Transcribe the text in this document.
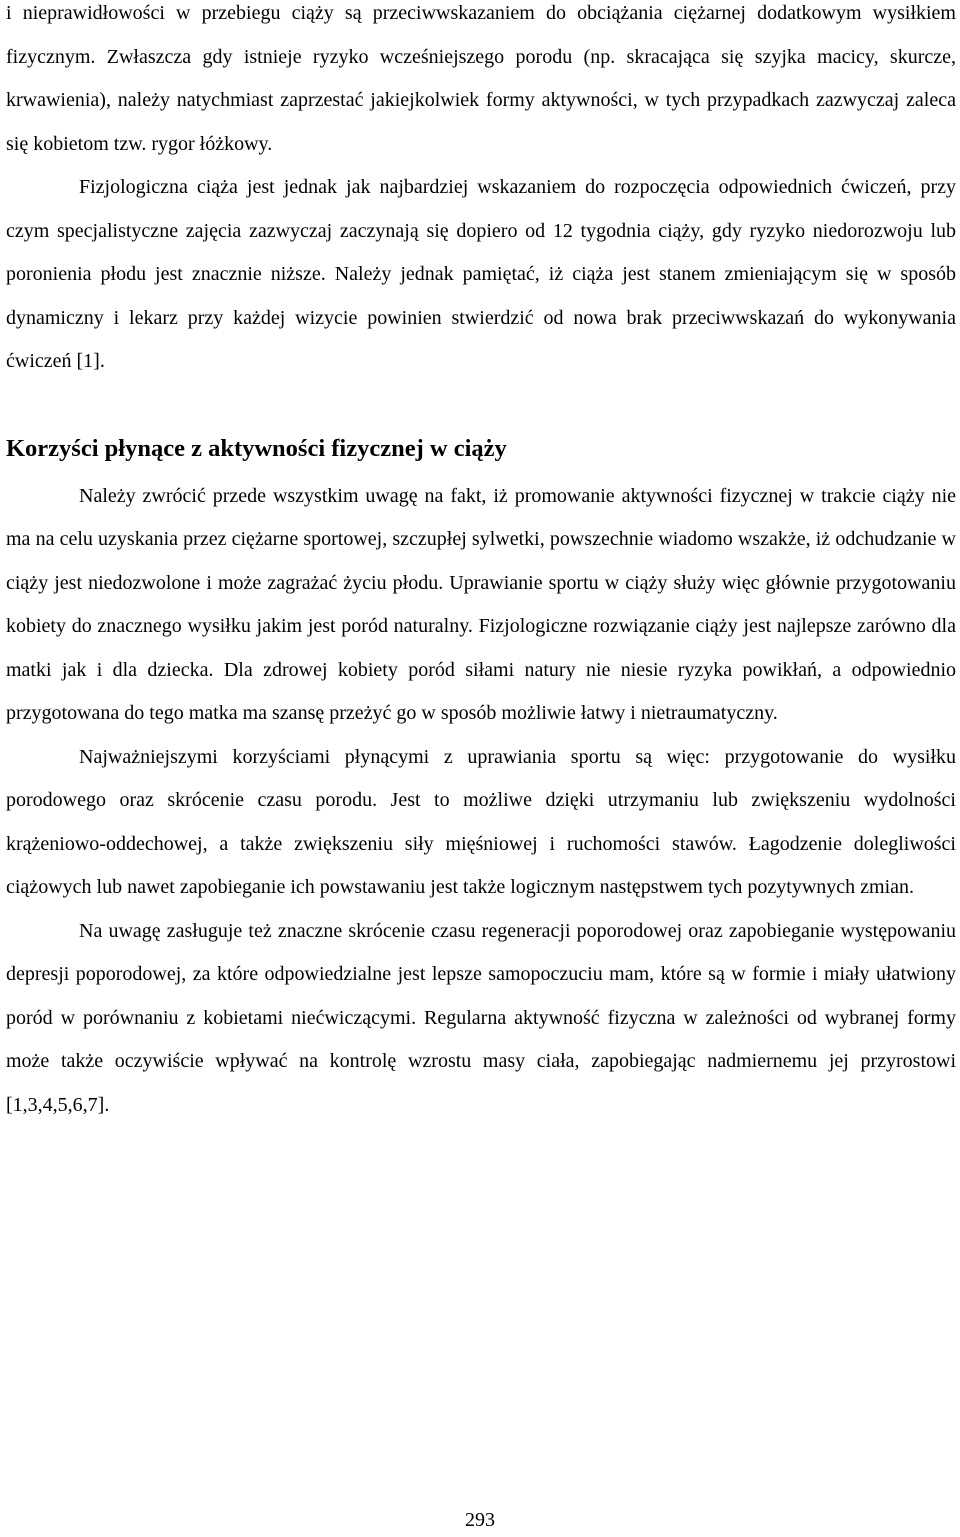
i nieprawidłowości w przebiegu ciąży są przeciwwskazaniem do obciążania ciężarnej dodatkowym wysiłkiem fizycznym. Zwłaszcza gdy istnieje ryzyko wcześniejszego porodu (np. skracająca się szyjka macicy, skurcze, krwawienia), należy natychmiast zaprzestać jakiejkolwiek formy aktywności, w tych przypadkach zazwyczaj zaleca się kobietom tzw. rygor łóżkowy.

Fizjologiczna ciąża jest jednak jak najbardziej wskazaniem do rozpoczęcia odpowiednich ćwiczeń, przy czym specjalistyczne zajęcia zazwyczaj zaczynają się dopiero od 12 tygodnia ciąży, gdy ryzyko niedorozwoju lub poronienia płodu jest znacznie niższe. Należy jednak pamiętać, iż ciąża jest stanem zmieniającym się w sposób dynamiczny i lekarz przy każdej wizycie powinien stwierdzić od nowa brak przeciwwskazań do wykonywania ćwiczeń [1].

Korzyści płynące z aktywności fizycznej w ciąży

Należy zwrócić przede wszystkim uwagę na fakt, iż promowanie aktywności fizycznej w trakcie ciąży nie ma na celu uzyskania przez ciężarne sportowej, szczupłej sylwetki, powszechnie wiadomo wszakże, iż odchudzanie w ciąży jest niedozwolone i może zagrażać życiu płodu. Uprawianie sportu w ciąży służy więc głównie przygotowaniu kobiety do znacznego wysiłku jakim jest poród naturalny. Fizjologiczne rozwiązanie ciąży jest najlepsze zarówno dla matki jak i dla dziecka. Dla zdrowej kobiety poród siłami natury nie niesie ryzyka powikłań, a odpowiednio przygotowana do tego matka ma szansę przeżyć go w sposób możliwie łatwy i nietraumatyczny.

Najważniejszymi korzyściami płynącymi z uprawiania sportu są więc: przygotowanie do wysiłku porodowego oraz skrócenie czasu porodu. Jest to możliwe dzięki utrzymaniu lub zwiększeniu wydolności krążeniowo-oddechowej, a także zwiększeniu siły mięśniowej i ruchomości stawów. Łagodzenie dolegliwości ciążowych lub nawet zapobieganie ich powstawaniu jest także logicznym następstwem tych pozytywnych zmian.

Na uwagę zasługuje też znaczne skrócenie czasu regeneracji poporodowej oraz zapobieganie występowaniu depresji poporodowej, za które odpowiedzialne jest lepsze samopoczuciu mam, które są w formie i miały ułatwiony poród w porównaniu z kobietami niećwiczącymi. Regularna aktywność fizyczna w zależności od wybranej formy może także oczywiście wpływać na kontrolę wzrostu masy ciała, zapobiegając nadmiernemu jej przyrostowi [1,3,4,5,6,7].

293
